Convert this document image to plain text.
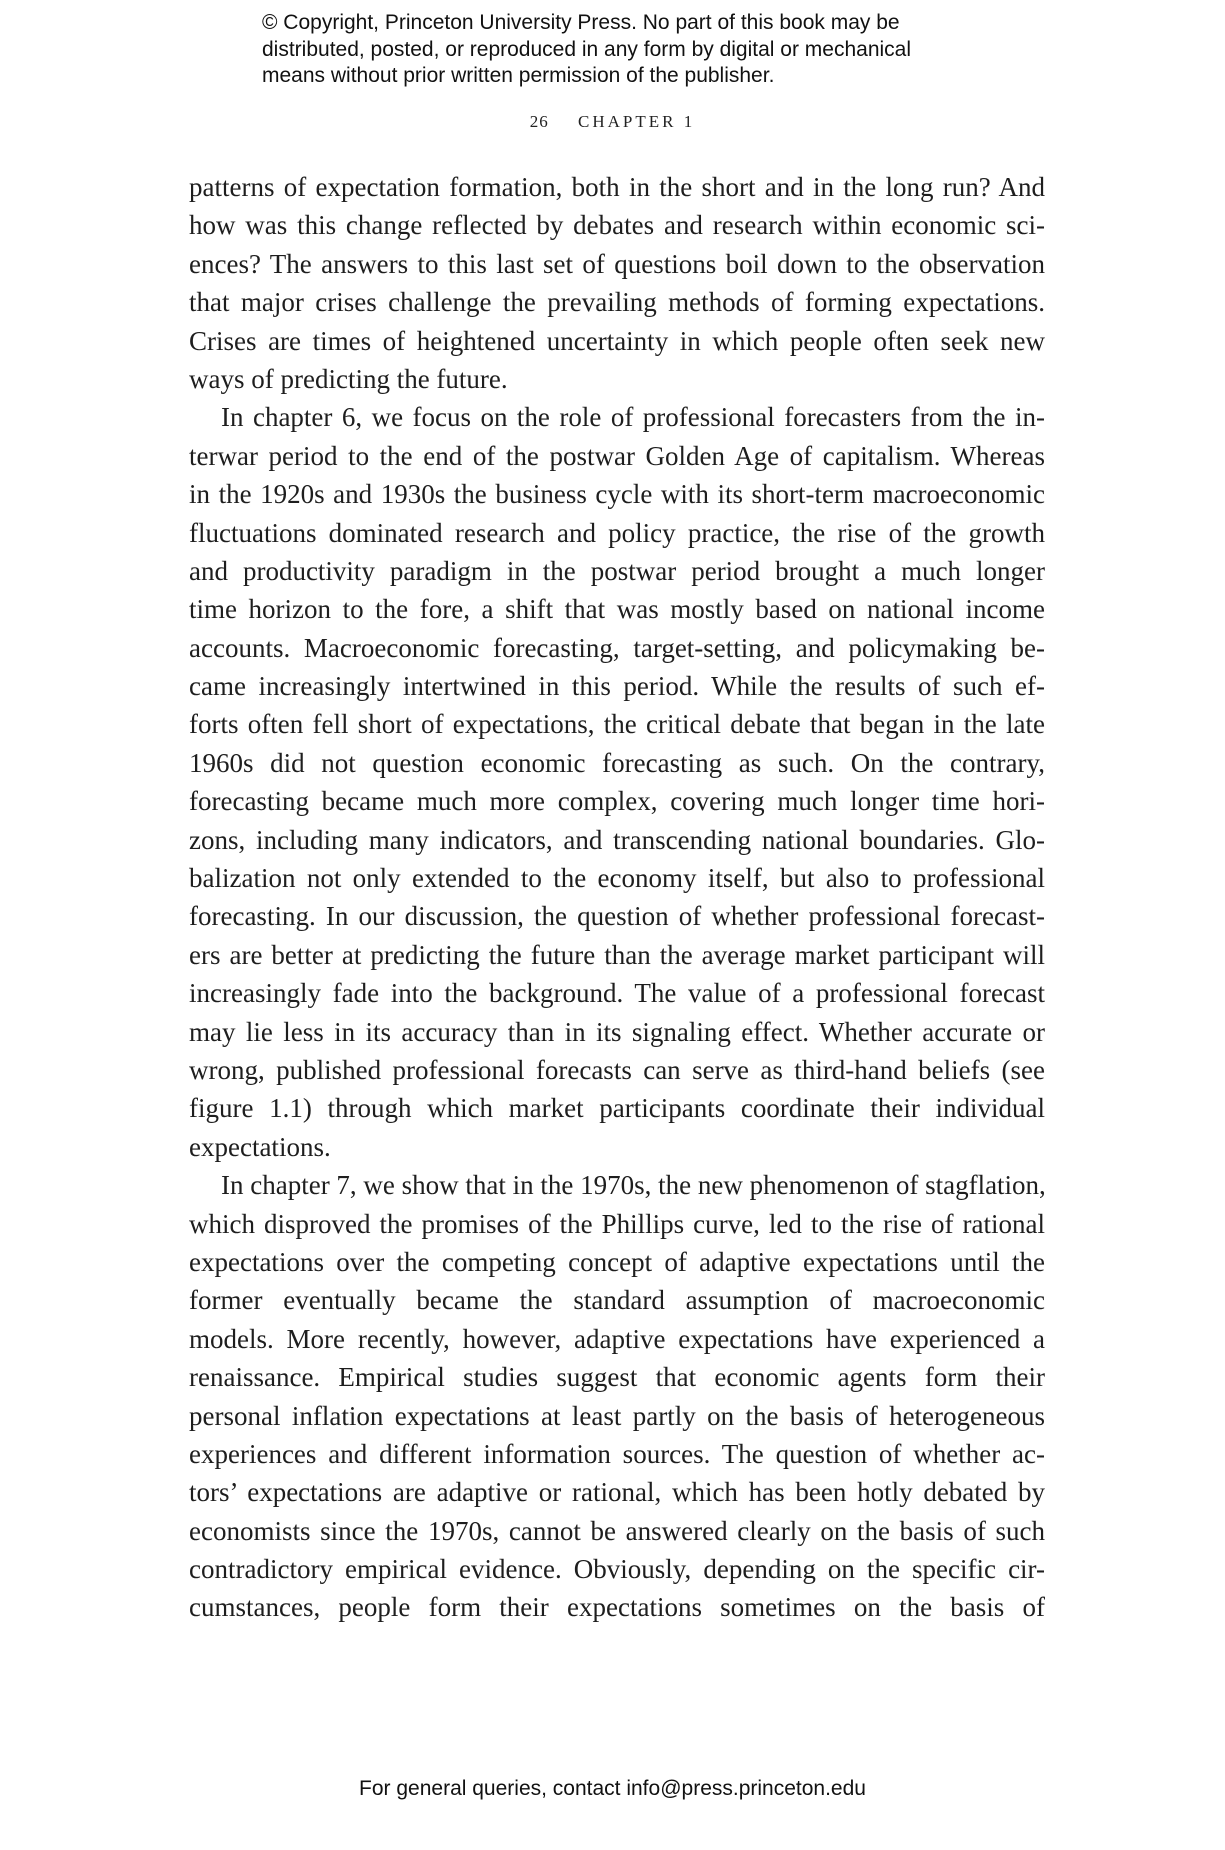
© Copyright, Princeton University Press. No part of this book may be
distributed, posted, or reproduced in any form by digital or mechanical
means without prior written permission of the publisher.
26 CHAPTER 1
patterns of expectation formation, both in the short and in the long run? And
how was this change reflected by debates and research within economic sci-
ences? The answers to this last set of questions boil down to the observation
that major crises challenge the prevailing methods of forming expectations.
Crises are times of heightened uncertainty in which people often seek new
ways of predicting the future.
In chapter 6, we focus on the role of professional forecasters from the in-
terwar period to the end of the postwar Golden Age of capitalism. Whereas
in the 1920s and 1930s the business cycle with its short-term macroeconomic
fluctuations dominated research and policy practice, the rise of the growth
and productivity paradigm in the postwar period brought a much longer
time horizon to the fore, a shift that was mostly based on national income
accounts. Macroeconomic forecasting, target-setting, and policymaking be-
came increasingly intertwined in this period. While the results of such ef-
forts often fell short of expectations, the critical debate that began in the late
1960s did not question economic forecasting as such. On the contrary,
forecasting became much more complex, covering much longer time hori-
zons, including many indicators, and transcending national boundaries. Glo-
balization not only extended to the economy itself, but also to professional
forecasting. In our discussion, the question of whether professional forecast-
ers are better at predicting the future than the average market participant will
increasingly fade into the background. The value of a professional forecast
may lie less in its accuracy than in its signaling effect. Whether accurate or
wrong, published professional forecasts can serve as third-hand beliefs (see
figure 1.1) through which market participants coordinate their individual
expectations.
In chapter 7, we show that in the 1970s, the new phenomenon of stagflation,
which disproved the promises of the Phillips curve, led to the rise of rational
expectations over the competing concept of adaptive expectations until the
former eventually became the standard assumption of macroeconomic
models. More recently, however, adaptive expectations have experienced a
renaissance. Empirical studies suggest that economic agents form their
personal inflation expectations at least partly on the basis of heterogeneous
experiences and different information sources. The question of whether ac-
tors’ expectations are adaptive or rational, which has been hotly debated by
economists since the 1970s, cannot be answered clearly on the basis of such
contradictory empirical evidence. Obviously, depending on the specific cir-
cumstances, people form their expectations sometimes on the basis of
For general queries, contact info@press.princeton.edu
